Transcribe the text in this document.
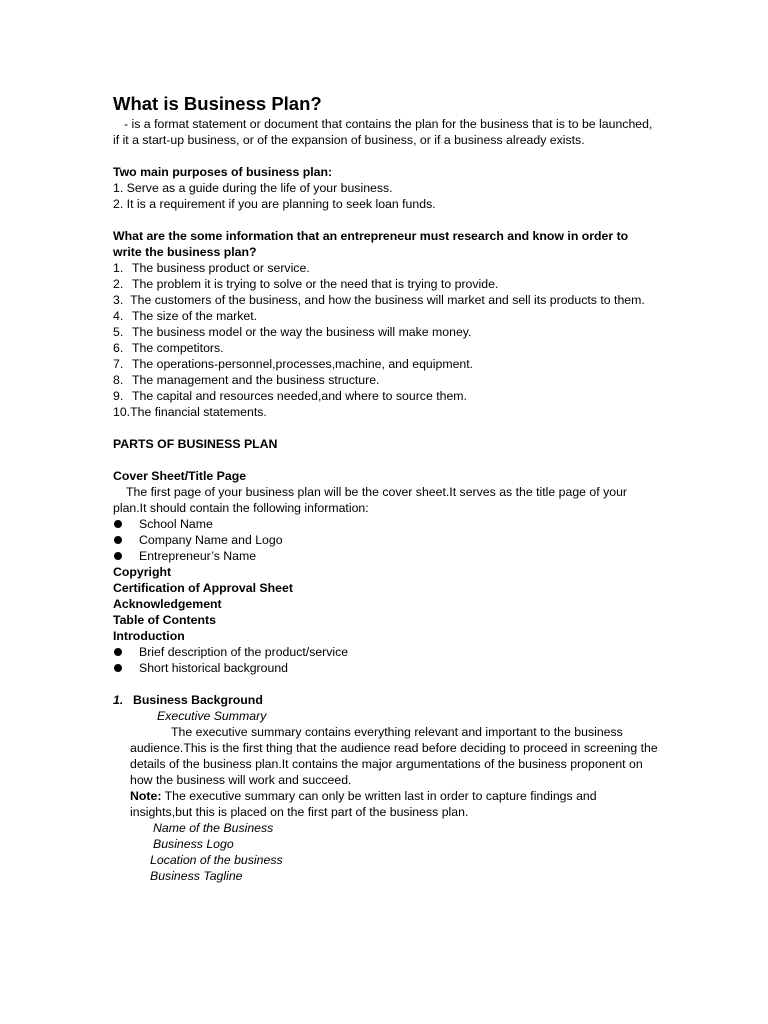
What is Business Plan?

- is a format statement or document that contains the plan for the business that is to be launched, if it a start-up business, or of the expansion of business, or if a business already exists.

Two main purposes of business plan:

1. Serve as a guide during the life of your business.

2. It is a requirement if you are planning to seek loan funds.

What are the some information that an entrepreneur must research and know in order to write the business plan?

1. The business product or service.
2. The problem it is trying to solve or the need that is trying to provide.

3. The customers of the business, and how the business will market and sell its products to them.

4. The size of the market.
5. The business model or the way the business will make money.
6. The competitors.
7. The operations-personnel,processes,machine, and equipment.
8. The management and the business structure.
9. The capital and resources needed,and where to source them.

10.The financial statements.

PARTS OF BUSINESS PLAN

Cover Sheet/Title Page

The first page of your business plan will be the cover sheet.It serves as the title page of your plan.It should contain the following information:

School Name
Company Name and Logo
Entrepreneur’s Name

Copyright

Certification of Approval Sheet

Acknowledgement

Table of Contents

Introduction

Brief description of the product/service
Short historical background
1. Business Background

Executive Summary

The executive summary contains everything relevant and important to the business audience.This is the first thing that the audience read before deciding to proceed in screening the details of the business plan.It contains the major argumentations of the business proponent on how the business will work and succeed.

Note: The executive summary can only be written last in order to capture findings and insights,but this is placed on the first part of the business plan.

Name of the Business

Business Logo

Location of the business

Business Tagline
